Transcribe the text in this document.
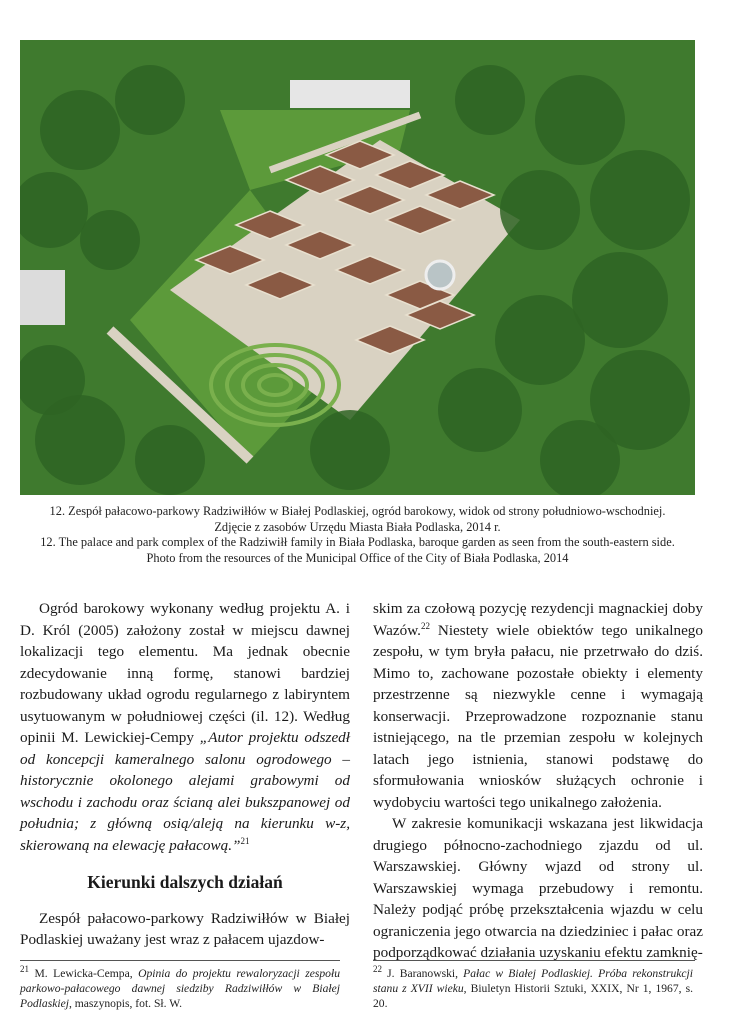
12. Zespół pałacowo-parkowy Radziwiłłów w Białej Podlaskiej, ogród barokowy, widok od strony południowo-wschodniej.

Zdjęcie z zasobów Urzędu Miasta Biała Podlaska, 2014 r.

12. The palace and park complex of the Radziwiłł family in Biała Podlaska, baroque garden as seen from the south-eastern side.

Photo from the resources of the Municipal Office of the City of Biała Podlaska, 2014

Ogród barokowy wykonany według projektu A. i D. Król (2005) założony został w miejscu dawnej lokalizacji tego elementu. Ma jednak obecnie zdecydowanie inną formę, stanowi bardziej rozbudowany układ ogrodu regularnego z labiryntem usytuowanym w południowej części (il. 12). Według opinii M. Lewickiej-Cempy „Autor projektu odszedł od koncepcji kameralnego salonu ogrodowego – historycznie okolonego alejami grabowymi od wschodu i zachodu oraz ścianą alei bukszpanowej od południa; z główną osią/aleją na kierunku w-z, skierowaną na elewację pałacową.”$^{21}$

Kierunki dalszych działań

Zespół pałacowo-parkowy Radziwiłłów w Białej Podlaskiej uważany jest wraz z pałacem ujazdow-

skim za czołową pozycję rezydencji magnackiej doby Wazów.$^{22}$ Niestety wiele obiektów tego unikalnego zespołu, w tym bryła pałacu, nie przetrwało do dziś. Mimo to, zachowane pozostałe obiekty i elementy przestrzenne są niezwykle cenne i wymagają konserwacji. Przeprowadzone rozpoznanie stanu istniejącego, na tle przemian zespołu w kolejnych latach jego istnienia, stanowi podstawę do sformułowania wniosków służących ochronie i wydobyciu wartości tego unikalnego założenia.

W zakresie komunikacji wskazana jest likwidacja drugiego północno-zachodniego zjazdu od ul. Warszawskiej. Główny wjazd od strony ul. Warszawskiej wymaga przebudowy i remontu. Należy podjąć próbę przekształcenia wjazdu w celu ograniczenia jego otwarcia na dziedziniec i pałac oraz podporządkować działania uzyskaniu efektu zamknię-

$^{21}$ M. Lewicka-Cempa, Opinia do projektu rewaloryzacji zespołu parkowo-pałacowego dawnej siedziby Radziwiłłów w Białej Podlaskiej, maszynopis, fot. Sł. W.
$^{22}$ J. Baranowski, Pałac w Białej Podlaskiej. Próba rekonstrukcji stanu z XVII wieku, Biuletyn Historii Sztuki, XXIX, Nr 1, 1967, s. 20.
